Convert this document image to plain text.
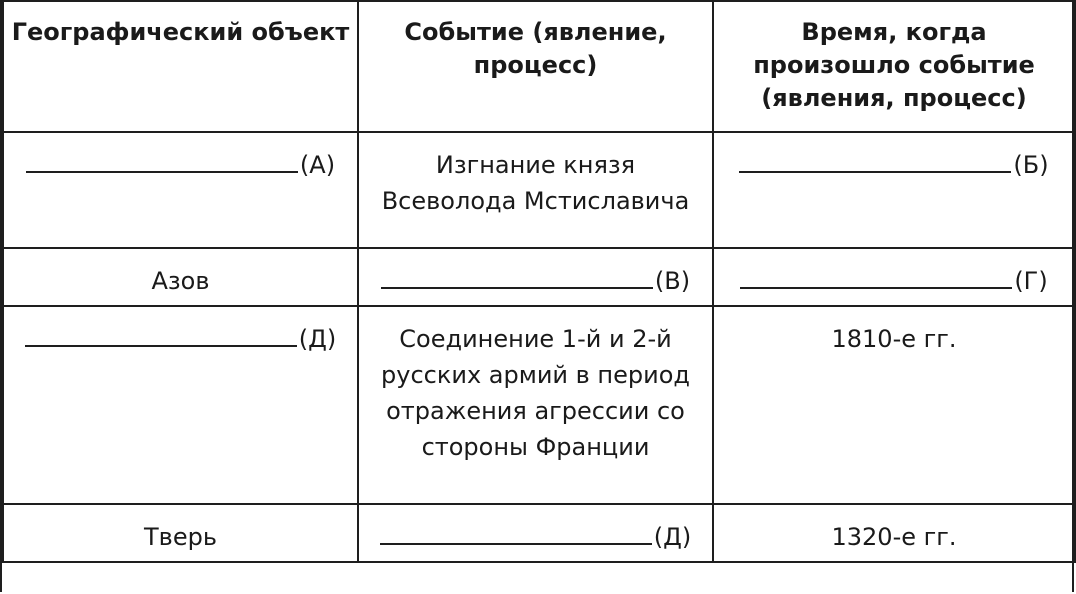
Географический объект	Событие (явление, процесс)	Время, когда произошло событие (явления, процесс)
(А)	Изгнание князя Всеволода Мстиславича	(Б)
Азов	(В)	(Г)
(Д)	Соединение 1-й и 2-й русских армий в период отражения агрессии со стороны Франции	1810-е гг.
Тверь	(Д)	1320-е гг.
